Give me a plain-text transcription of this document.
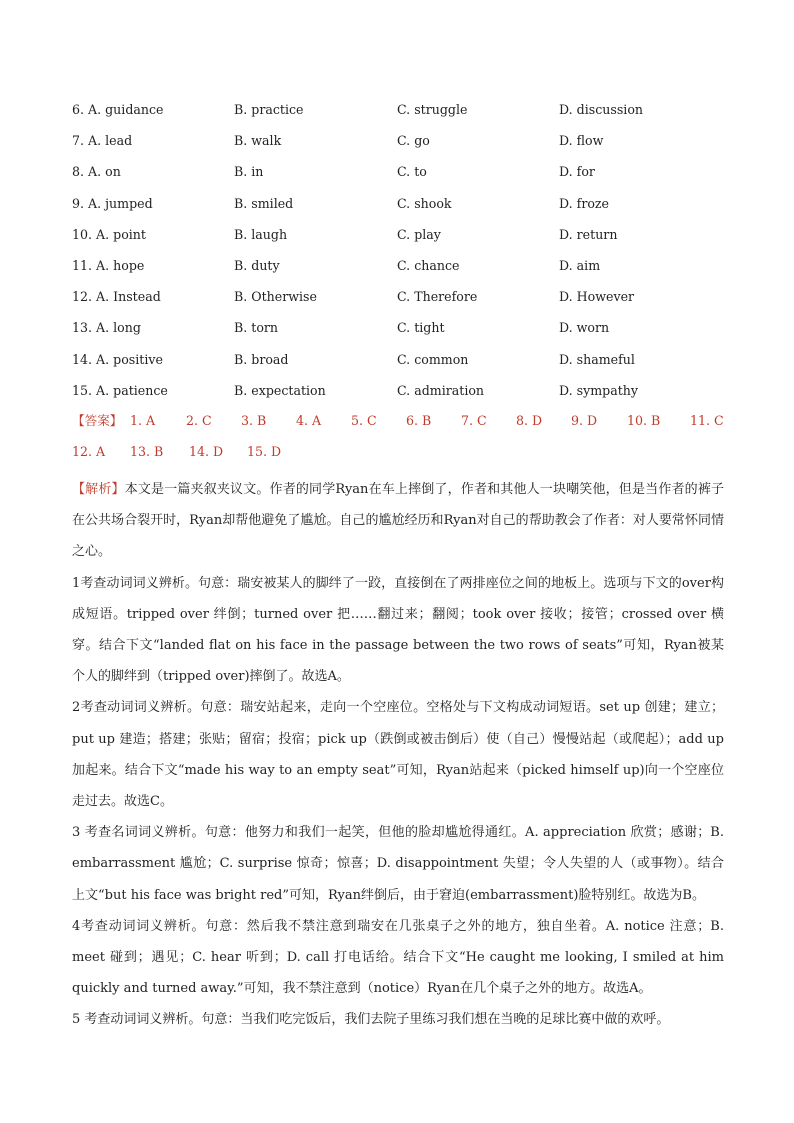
6. A. guidance	B. practice	C. struggle	D. discussion
7. A. lead	B. walk	C. go	D. flow
8. A. on	B. in	C. to	D. for
9. A. jumped	B. smiled	C. shook	D. froze
10. A. point	B. laugh	C. play	D. return
11. A. hope	B. duty	C. chance	D. aim
12. A. Instead	B. Otherwise	C. Therefore	D. However
13. A. long	B. torn	C. tight	D. worn
14. A. positive	B. broad	C. common	D. shameful
15. A. patience	B. expectation	C. admiration	D. sympathy
【答案】 1. A 2. C 3. B 4. A 5. C 6. B 7. C 8. D 9. D 10. B 11. C
12. A 13. B 14. D 15. D

【解析】本文是一篇夹叙夹议文。作者的同学Ryan在车上摔倒了，作者和其他人一块嘲笑他，但是当作者的裤子在公共场合裂开时，Ryan却帮他避免了尴尬。自己的尴尬经历和Ryan对自己的帮助教会了作者：对人要常怀同情之心。

1考查动词词义辨析。句意：瑞安被某人的脚绊了一跤，直接倒在了两排座位之间的地板上。选项与下文的over构成短语。tripped over 绊倒；turned over 把……翻过来；翻阅；took over 接收；接管；crossed over 横穿。结合下文“landed flat on his face in the passage between the two rows of seats”可知，Ryan被某个人的脚绊到（tripped over)摔倒了。故选A。

2考查动词词义辨析。句意：瑞安站起来，走向一个空座位。空格处与下文构成动词短语。set up 创建；建立；put up 建造；搭建；张贴；留宿；投宿；pick up（跌倒或被击倒后）使（自己）慢慢站起（或爬起）；add up 加起来。结合下文“made his way to an empty seat”可知，Ryan站起来（picked himself up)向一个空座位走过去。故选C。

3 考查名词词义辨析。句意：他努力和我们一起笑，但他的脸却尴尬得通红。A. appreciation 欣赏；感谢；B. embarrassment 尴尬；C. surprise 惊奇；惊喜；D. disappointment 失望；令人失望的人（或事物）。结合上文“but his face was bright red”可知，Ryan绊倒后，由于窘迫(embarrassment)脸特别红。故选为B。

4考查动词词义辨析。句意：然后我不禁注意到瑞安在几张桌子之外的地方，独自坐着。A. notice 注意；B. meet 碰到；遇见；C. hear 听到；D. call 打电话给。结合下文“He caught me looking, I smiled at him quickly and turned away.”可知，我不禁注意到（notice）Ryan在几个桌子之外的地方。故选A。

5 考查动词词义辨析。句意：当我们吃完饭后，我们去院子里练习我们想在当晚的足球比赛中做的欢呼。
